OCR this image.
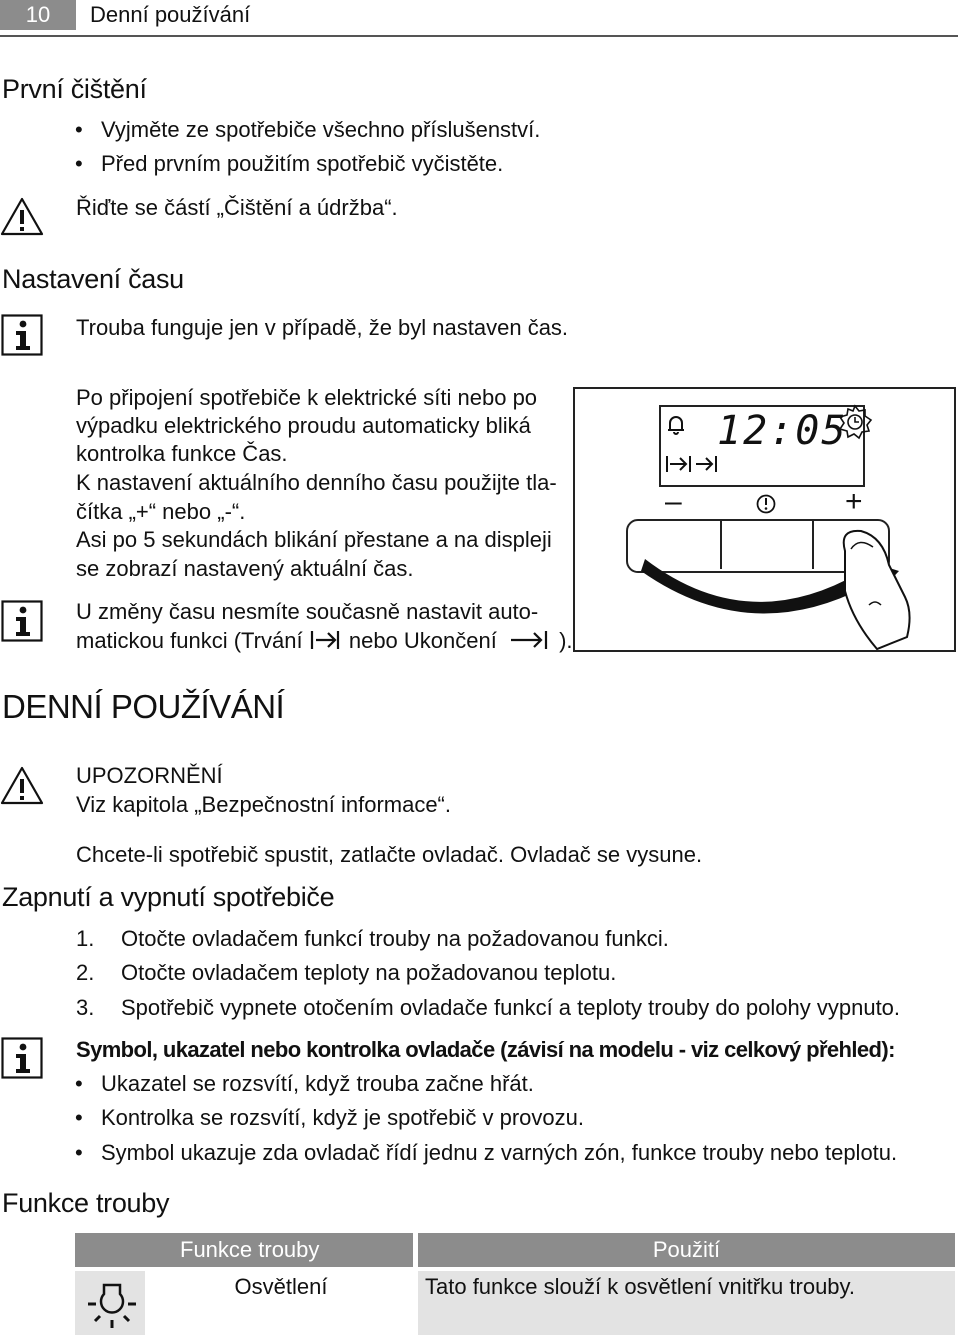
10	Denní používání
První čištění
• Vyjměte ze spotřebiče všechno příslušenství.
• Před prvním použitím spotřebič vyčistěte.
Řiďte se částí „Čištění a údržba“.
Nastavení času
Trouba funguje jen v případě, že byl nastaven čas.
Po připojení spotřebiče k elektrické síti nebo po
výpadku elektrického proudu automaticky bliká
kontrolka funkce Čas.
K nastavení aktuálního denního času použijte tla-
čítka „+“ nebo „-“.
Asi po 5 sekundách blikání přestane a na displeji
se zobrazí nastavený aktuální čas.
U změny času nesmíte současně nastavit auto-
matickou funkci (Trvání nebo Ukončení	).
12:05
–	+
DENNÍ POUŽÍVÁNÍ
UPOZORNĚNÍ
Viz kapitola „Bezpečnostní informace“.
Chcete-li spotřebič spustit, zatlačte ovladač. Ovladač se vysune.
Zapnutí a vypnutí spotřebiče
1. Otočte ovladačem funkcí trouby na požadovanou funkci.
2. Otočte ovladačem teploty na požadovanou teplotu.
3. Spotřebič vypnete otočením ovladače funkcí a teploty trouby do polohy vypnuto.
Symbol, ukazatel nebo kontrolka ovladače (závisí na modelu - viz celkový přehled):
• Ukazatel se rozsvítí, když trouba začne hřát.
• Kontrolka se rozsvítí, když je spotřebič v provozu.
• Symbol ukazuje zda ovladač řídí jednu z varných zón, funkce trouby nebo teplotu.
Funkce trouby
Funkce trouby	Použití
Osvětlení	Tato funkce slouží k osvětlení vnitřku trouby.
